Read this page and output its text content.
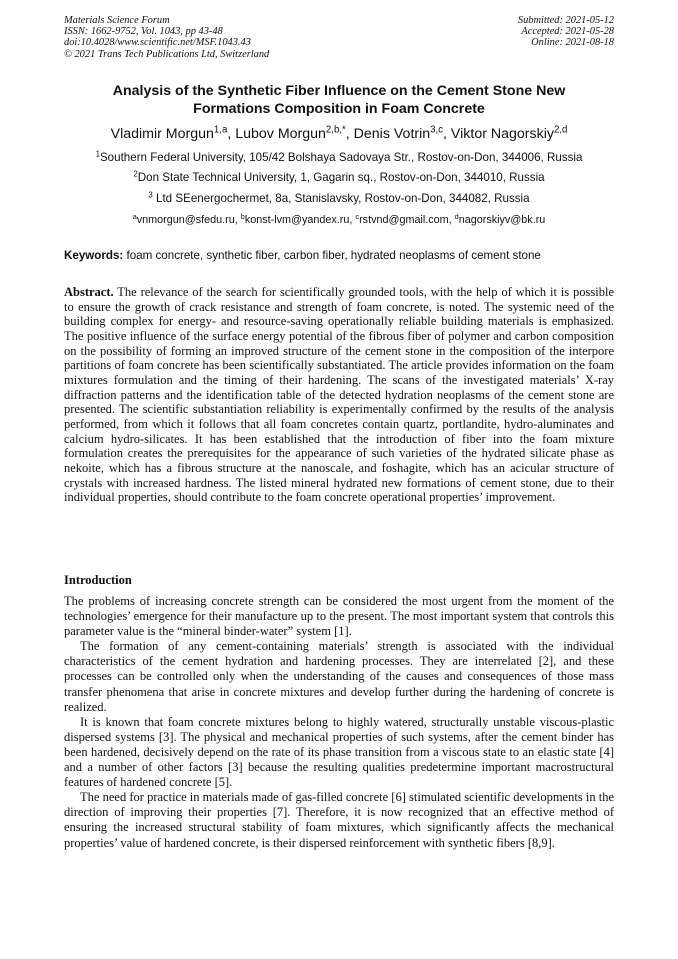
Materials Science Forum
ISSN: 1662-9752, Vol. 1043, pp 43-48
doi:10.4028/www.scientific.net/MSF.1043.43
© 2021 Trans Tech Publications Ltd, Switzerland
Submitted: 2021-05-12
Accepted: 2021-05-28
Online: 2021-08-18
Analysis of the Synthetic Fiber Influence on the Cement Stone New
Formations Composition in Foam Concrete
Vladimir Morgun$^{1,a}$, Lubov Morgun$^{2,b,*}$, Denis Votrin$^{3,c}$, Viktor Nagorskiy$^{2,d}$
$^1$Southern Federal University, 105/42 Bolshaya Sadovaya Str., Rostov-on-Don, 344006, Russia
$^2$Don State Technical University, 1, Gagarin sq., Rostov-on-Don, 344010, Russia
$^3$ Ltd SEenergochermet, 8a, Stanislavsky, Rostov-on-Don, 344082, Russia
$^a$vnmorgun@sfedu.ru, $^b$konst-lvm@yandex.ru, $^c$rstvnd@gmail.com, $^d$nagorskiyv@bk.ru
Keywords: foam concrete, synthetic fiber, carbon fiber, hydrated neoplasms of cement stone

Abstract. The relevance of the search for scientifically grounded tools, with the help of which it is possible to ensure the growth of crack resistance and strength of foam concrete, is noted. The systemic need of the building complex for energy- and resource-saving operationally reliable building materials is emphasized. The positive influence of the surface energy potential of the fibrous fiber of polymer and carbon composition on the possibility of forming an improved structure of the cement stone in the composition of the interpore partitions of foam concrete has been scientifically substantiated. The article provides information on the foam mixtures formulation and the timing of their hardening. The scans of the investigated materials’ X-ray diffraction patterns and the identification table of the detected hydration neoplasms of the cement stone are presented. The scientific substantiation reliability is experimentally confirmed by the results of the analysis performed, from which it follows that all foam concretes contain quartz, portlandite, hydro-aluminates and calcium hydro-silicates. It has been established that the introduction of fiber into the foam mixture formulation creates the prerequisites for the appearance of such varieties of the hydrated silicate phase as nekoite, which has a fibrous structure at the nanoscale, and foshagite, which has an acicular structure of crystals with increased hardness. The listed mineral hydrated new formations of cement stone, due to their individual properties, should contribute to the foam concrete operational properties’ improvement.

Introduction

The problems of increasing concrete strength can be considered the most urgent from the moment of the technologies’ emergence for their manufacture up to the present. The most important system that controls this parameter value is the “mineral binder-water” system [1].

The formation of any cement-containing materials’ strength is associated with the individual characteristics of the cement hydration and hardening processes. They are interrelated [2], and these processes can be controlled only when the understanding of the causes and consequences of those mass transfer phenomena that arise in concrete mixtures and develop further during the hardening of concrete is realized.

It is known that foam concrete mixtures belong to highly watered, structurally unstable viscous-plastic dispersed systems [3]. The physical and mechanical properties of such systems, after the cement binder has been hardened, decisively depend on the rate of its phase transition from a viscous state to an elastic state [4] and a number of other factors [3] because the resulting qualities predetermine important macrostructural features of hardened concrete [5].

The need for practice in materials made of gas-filled concrete [6] stimulated scientific developments in the direction of improving their properties [7]. Therefore, it is now recognized that an effective method of ensuring the increased structural stability of foam mixtures, which significantly affects the mechanical properties’ value of hardened concrete, is their dispersed reinforcement with synthetic fibers [8,9].
